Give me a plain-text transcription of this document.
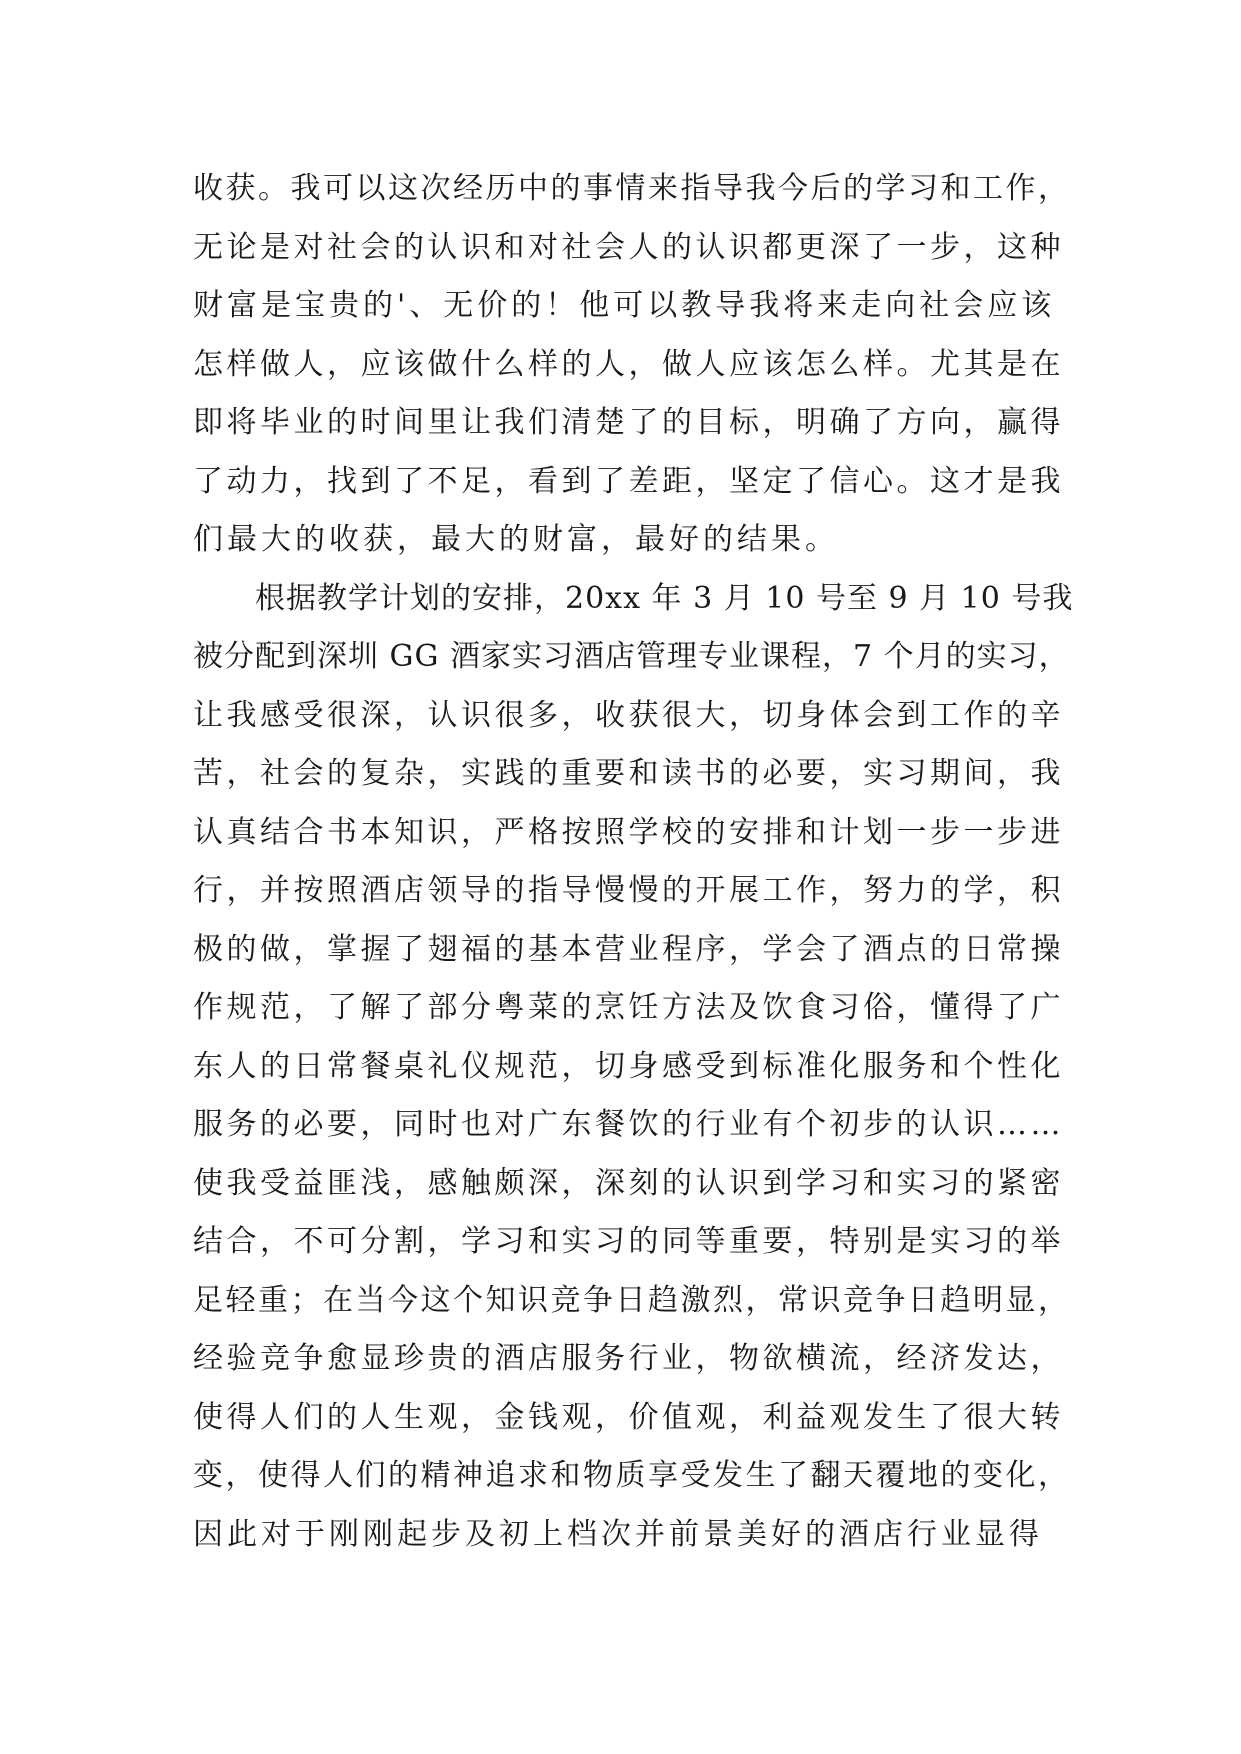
收获。我可以这次经历中的事情来指导我今后的学习和工作，
无论是对社会的认识和对社会人的认识都更深了一步，这种
财富是宝贵的'、无价的！他可以教导我将来走向社会应该
怎样做人，应该做什么样的人，做人应该怎么样。尤其是在
即将毕业的时间里让我们清楚了的目标，明确了方向，赢得
了动力，找到了不足，看到了差距，坚定了信心。这才是我
们最大的收获，最大的财富，最好的结果。
根据教学计划的安排，20xx 年 3 月 10 号至 9 月 10 号我
被分配到深圳 GG 酒家实习酒店管理专业课程，7 个月的实习，
让我感受很深，认识很多，收获很大，切身体会到工作的辛
苦，社会的复杂，实践的重要和读书的必要，实习期间，我
认真结合书本知识，严格按照学校的安排和计划一步一步进
行，并按照酒店领导的指导慢慢的开展工作，努力的学，积
极的做，掌握了翅福的基本营业程序，学会了酒点的日常操
作规范，了解了部分粤菜的烹饪方法及饮食习俗，懂得了广
东人的日常餐桌礼仪规范，切身感受到标准化服务和个性化
服务的必要，同时也对广东餐饮的行业有个初步的认识……
使我受益匪浅，感触颇深，深刻的认识到学习和实习的紧密
结合，不可分割，学习和实习的同等重要，特别是实习的举
足轻重；在当今这个知识竞争日趋激烈，常识竞争日趋明显，
经验竞争愈显珍贵的酒店服务行业，物欲横流，经济发达，
使得人们的人生观，金钱观，价值观，利益观发生了很大转
变，使得人们的精神追求和物质享受发生了翻天覆地的变化，
因此对于刚刚起步及初上档次并前景美好的酒店行业显得
